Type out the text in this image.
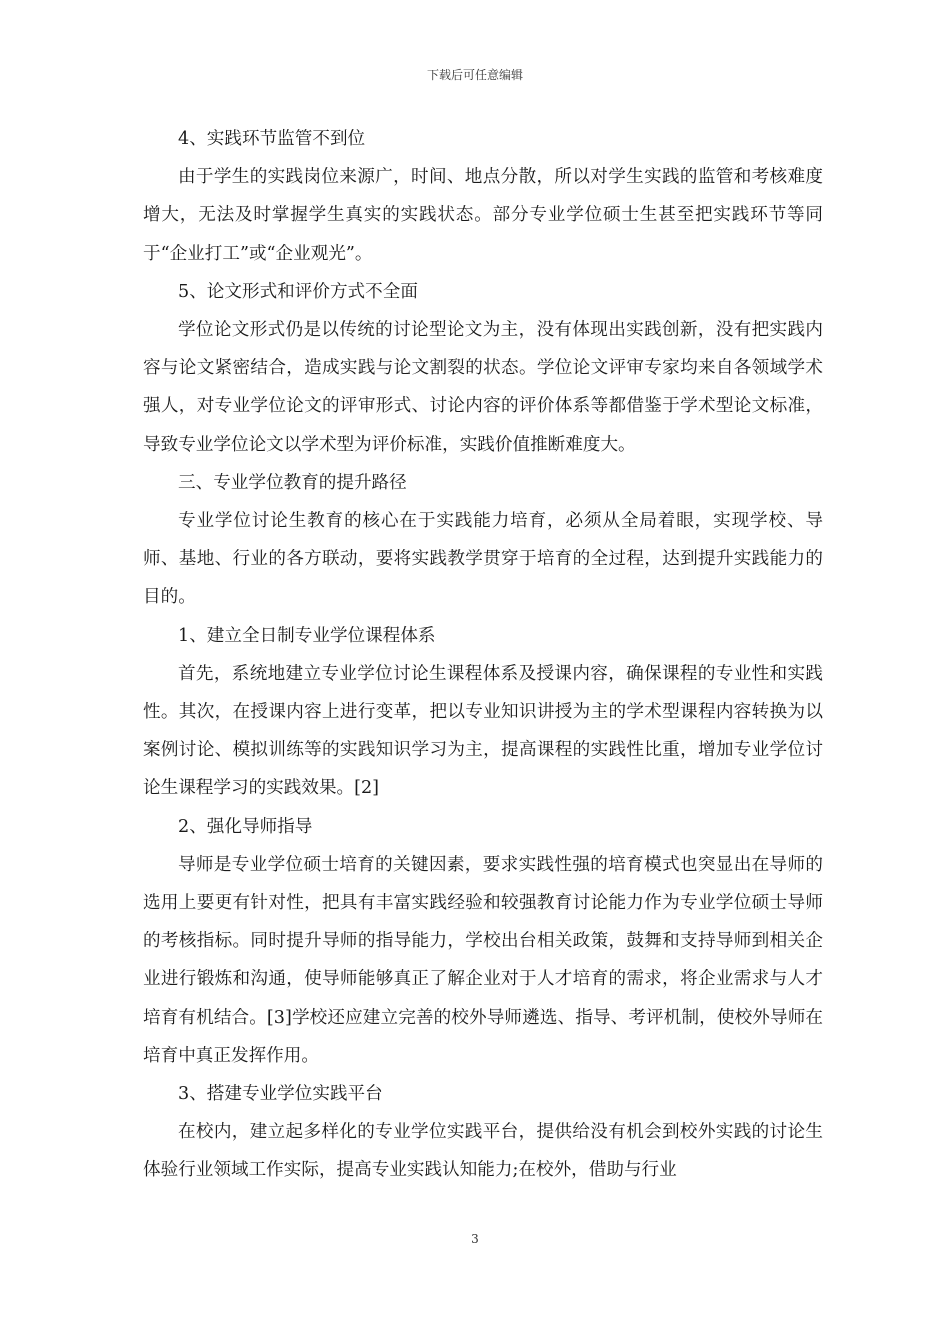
下载后可任意编辑

4、实践环节监管不到位

由于学生的实践岗位来源广，时间、地点分散，所以对学生实践的监管和考核难度增大，无法及时掌握学生真实的实践状态。部分专业学位硕士生甚至把实践环节等同于“企业打工”或“企业观光”。

5、论文形式和评价方式不全面

学位论文形式仍是以传统的讨论型论文为主，没有体现出实践创新，没有把实践内容与论文紧密结合，造成实践与论文割裂的状态。学位论文评审专家均来自各领域学术强人，对专业学位论文的评审形式、讨论内容的评价体系等都借鉴于学术型论文标准，导致专业学位论文以学术型为评价标准，实践价值推断难度大。

三、专业学位教育的提升路径

专业学位讨论生教育的核心在于实践能力培育，必须从全局着眼，实现学校、导师、基地、行业的各方联动，要将实践教学贯穿于培育的全过程，达到提升实践能力的目的。

1、建立全日制专业学位课程体系

首先，系统地建立专业学位讨论生课程体系及授课内容，确保课程的专业性和实践性。其次，在授课内容上进行变革，把以专业知识讲授为主的学术型课程内容转换为以案例讨论、模拟训练等的实践知识学习为主，提高课程的实践性比重，增加专业学位讨论生课程学习的实践效果。[2]

2、强化导师指导

导师是专业学位硕士培育的关键因素，要求实践性强的培育模式也突显出在导师的选用上要更有针对性，把具有丰富实践经验和较强教育讨论能力作为专业学位硕士导师的考核指标。同时提升导师的指导能力，学校出台相关政策，鼓舞和支持导师到相关企业进行锻炼和沟通，使导师能够真正了解企业对于人才培育的需求，将企业需求与人才培育有机结合。[3]学校还应建立完善的校外导师遴选、指导、考评机制，使校外导师在培育中真正发挥作用。

3、搭建专业学位实践平台

在校内，建立起多样化的专业学位实践平台，提供给没有机会到校外实践的讨论生体验行业领域工作实际，提高专业实践认知能力;在校外，借助与行业

3
